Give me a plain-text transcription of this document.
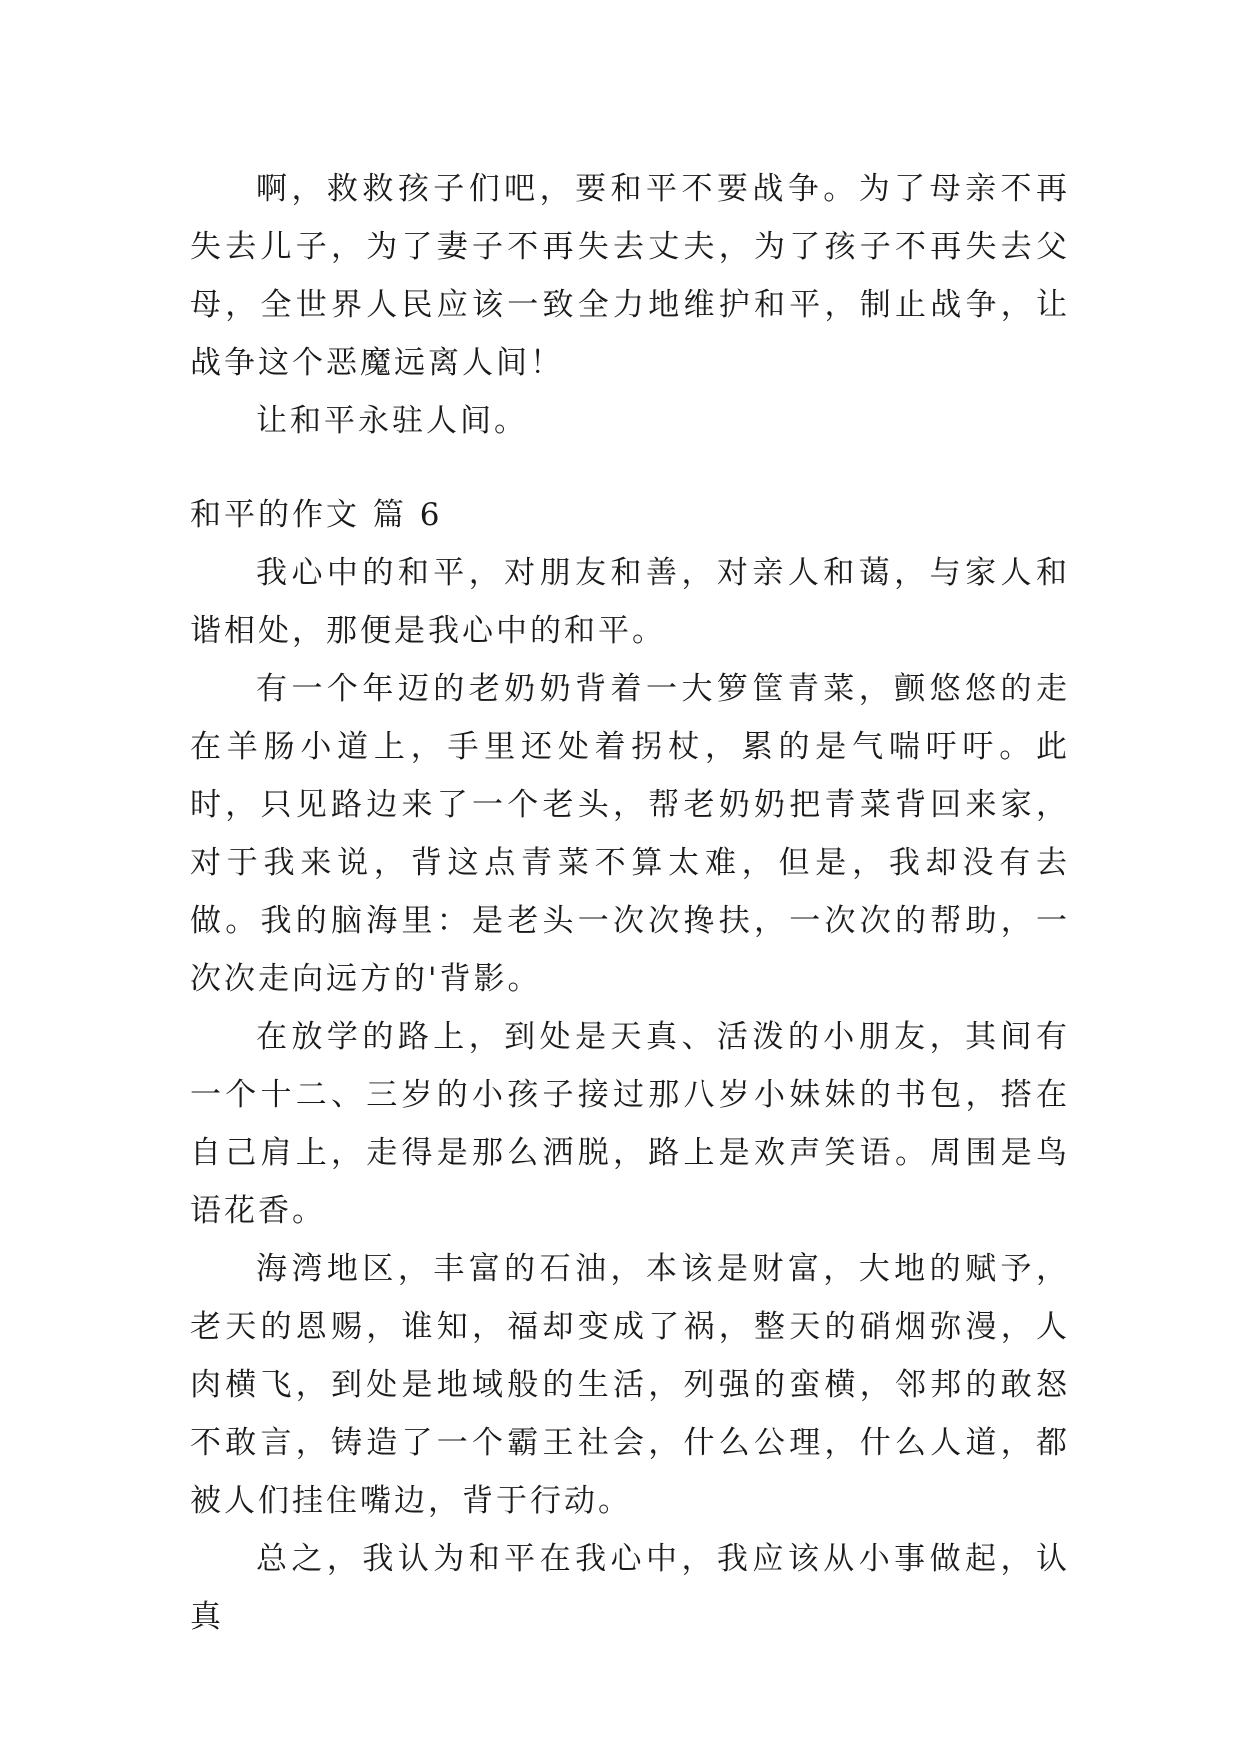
啊，救救孩子们吧，要和平不要战争。为了母亲不再失去儿子，为了妻子不再失去丈夫，为了孩子不再失去父母，全世界人民应该一致全力地维护和平，制止战争，让战争这个恶魔远离人间！

让和平永驻人间。

和平的作文 篇 6

我心中的和平，对朋友和善，对亲人和蔼，与家人和谐相处，那便是我心中的和平。

有一个年迈的老奶奶背着一大箩筐青菜，颤悠悠的走在羊肠小道上，手里还处着拐杖，累的是气喘吁吁。此时，只见路边来了一个老头，帮老奶奶把青菜背回来家，对于我来说，背这点青菜不算太难，但是，我却没有去做。我的脑海里：是老头一次次搀扶，一次次的帮助，一次次走向远方的'背影。

在放学的路上，到处是天真、活泼的小朋友，其间有一个十二、三岁的小孩子接过那八岁小妹妹的书包，搭在自己肩上，走得是那么洒脱，路上是欢声笑语。周围是鸟语花香。

海湾地区，丰富的石油，本该是财富，大地的赋予，老天的恩赐，谁知，福却变成了祸，整天的硝烟弥漫，人肉横飞，到处是地域般的生活，列强的蛮横，邻邦的敢怒不敢言，铸造了一个霸王社会，什么公理，什么人道，都被人们挂住嘴边，背于行动。

总之，我认为和平在我心中，我应该从小事做起，认真
